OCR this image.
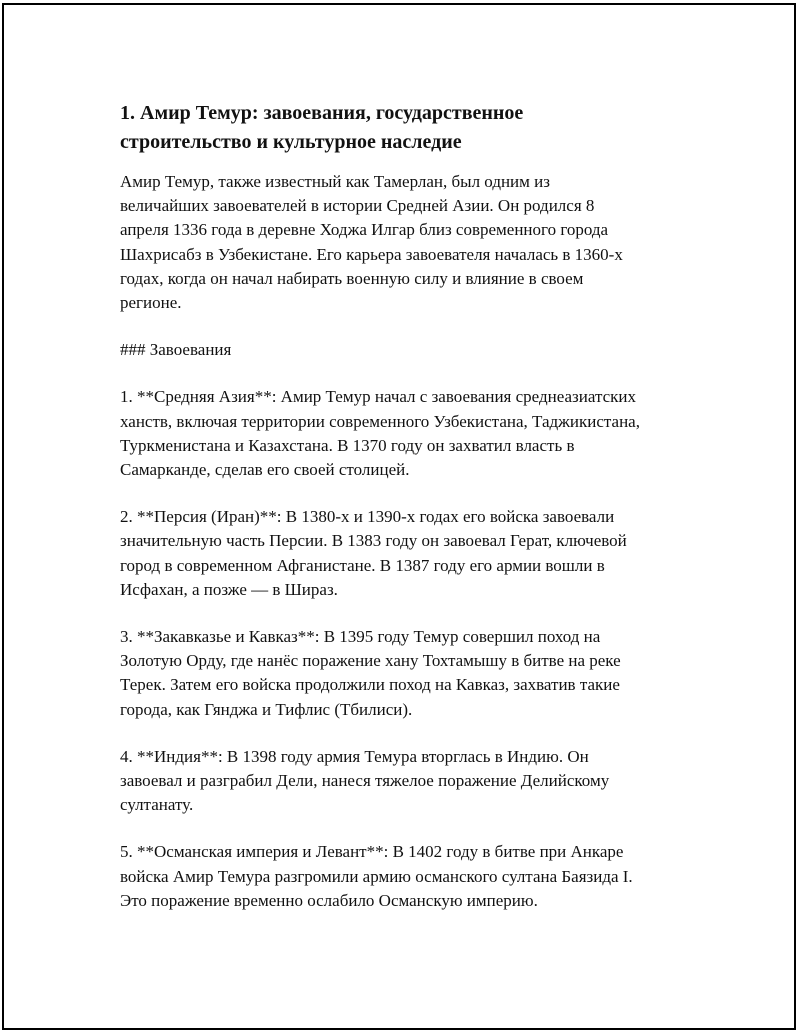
1. Амир Темур: завоевания, государственное
строительство и культурное наследие

Амир Темур, также известный как Тамерлан, был одним из
величайших завоевателей в истории Средней Азии. Он родился 8
апреля 1336 года в деревне Ходжа Илгар близ современного города
Шахрисабз в Узбекистане. Его карьера завоевателя началась в 1360-х
годах, когда он начал набирать военную силу и влияние в своем
регионе.

### Завоевания

1. **Средняя Азия**: Амир Темур начал с завоевания среднеазиатских
ханств, включая территории современного Узбекистана, Таджикистана,
Туркменистана и Казахстана. В 1370 году он захватил власть в
Самарканде, сделав его своей столицей.

2. **Персия (Иран)**: В 1380-х и 1390-х годах его войска завоевали
значительную часть Персии. В 1383 году он завоевал Герат, ключевой
город в современном Афганистане. В 1387 году его армии вошли в
Исфахан, а позже — в Шираз.

3. **Закавказье и Кавказ**: В 1395 году Темур совершил поход на
Золотую Орду, где нанёс поражение хану Тохтамышу в битве на реке
Терек. Затем его войска продолжили поход на Кавказ, захватив такие
города, как Гянджа и Тифлис (Тбилиси).

4. **Индия**: В 1398 году армия Темура вторглась в Индию. Он
завоевал и разграбил Дели, нанеся тяжелое поражение Делийскому
султанату.

5. **Османская империя и Левант**: В 1402 году в битве при Анкаре
войска Амир Темура разгромили армию османского султана Баязида I.
Это поражение временно ослабило Османскую империю.
